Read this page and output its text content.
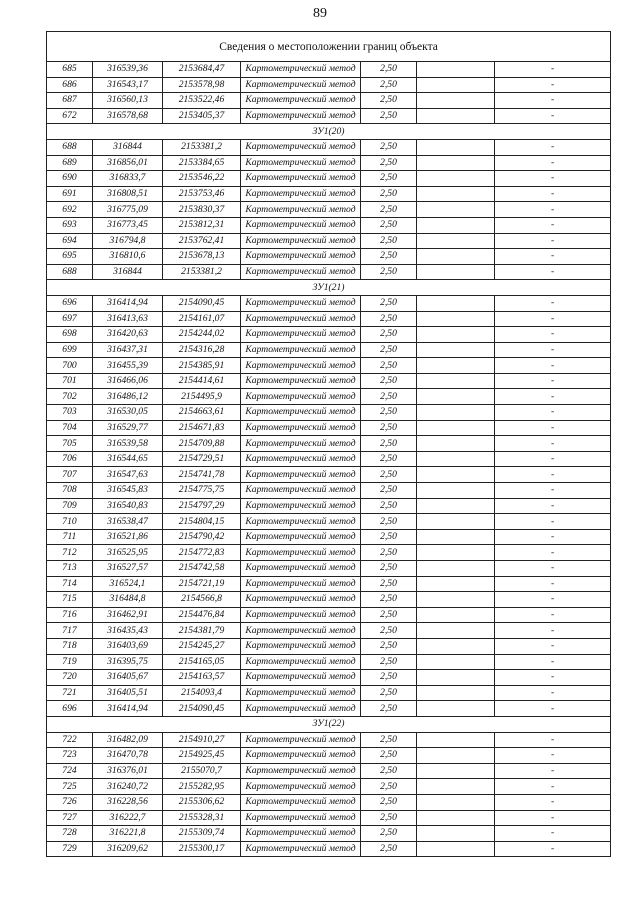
89
Сведения о местоположении границ объекта						
685	316539,36	2153684,47	Картометрический метод	2,50		-
686	316543,17	2153578,98	Картометрический метод	2,50		-
687	316560,13	2153522,46	Картометрический метод	2,50		-
672	316578,68	2153405,37	Картометрический метод	2,50		-
ЗУ1(20)						
688	316844	2153381,2	Картометрический метод	2,50		-
689	316856,01	2153384,65	Картометрический метод	2,50		-
690	316833,7	2153546,22	Картометрический метод	2,50		-
691	316808,51	2153753,46	Картометрический метод	2,50		-
692	316775,09	2153830,37	Картометрический метод	2,50		-
693	316773,45	2153812,31	Картометрический метод	2,50		-
694	316794,8	2153762,41	Картометрический метод	2,50		-
695	316810,6	2153678,13	Картометрический метод	2,50		-
688	316844	2153381,2	Картометрический метод	2,50		-
ЗУ1(21)						
696	316414,94	2154090,45	Картометрический метод	2,50		-
697	316413,63	2154161,07	Картометрический метод	2,50		-
698	316420,63	2154244,02	Картометрический метод	2,50		-
699	316437,31	2154316,28	Картометрический метод	2,50		-
700	316455,39	2154385,91	Картометрический метод	2,50		-
701	316466,06	2154414,61	Картометрический метод	2,50		-
702	316486,12	2154495,9	Картометрический метод	2,50		-
703	316530,05	2154663,61	Картометрический метод	2,50		-
704	316529,77	2154671,83	Картометрический метод	2,50		-
705	316539,58	2154709,88	Картометрический метод	2,50		-
706	316544,65	2154729,51	Картометрический метод	2,50		-
707	316547,63	2154741,78	Картометрический метод	2,50		-
708	316545,83	2154775,75	Картометрический метод	2,50		-
709	316540,83	2154797,29	Картометрический метод	2,50		-
710	316538,47	2154804,15	Картометрический метод	2,50		-
711	316521,86	2154790,42	Картометрический метод	2,50		-
712	316525,95	2154772,83	Картометрический метод	2,50		-
713	316527,57	2154742,58	Картометрический метод	2,50		-
714	316524,1	2154721,19	Картометрический метод	2,50		-
715	316484,8	2154566,8	Картометрический метод	2,50		-
716	316462,91	2154476,84	Картометрический метод	2,50		-
717	316435,43	2154381,79	Картометрический метод	2,50		-
718	316403,69	2154245,27	Картометрический метод	2,50		-
719	316395,75	2154165,05	Картометрический метод	2,50		-
720	316405,67	2154163,57	Картометрический метод	2,50		-
721	316405,51	2154093,4	Картометрический метод	2,50		-
696	316414,94	2154090,45	Картометрический метод	2,50		-
ЗУ1(22)						
722	316482,09	2154910,27	Картометрический метод	2,50		-
723	316470,78	2154925,45	Картометрический метод	2,50		-
724	316376,01	2155070,7	Картометрический метод	2,50		-
725	316240,72	2155282,95	Картометрический метод	2,50		-
726	316228,56	2155306,62	Картометрический метод	2,50		-
727	316222,7	2155328,31	Картометрический метод	2,50		-
728	316221,8	2155309,74	Картометрический метод	2,50		-
729	316209,62	2155300,17	Картометрический метод	2,50		-
